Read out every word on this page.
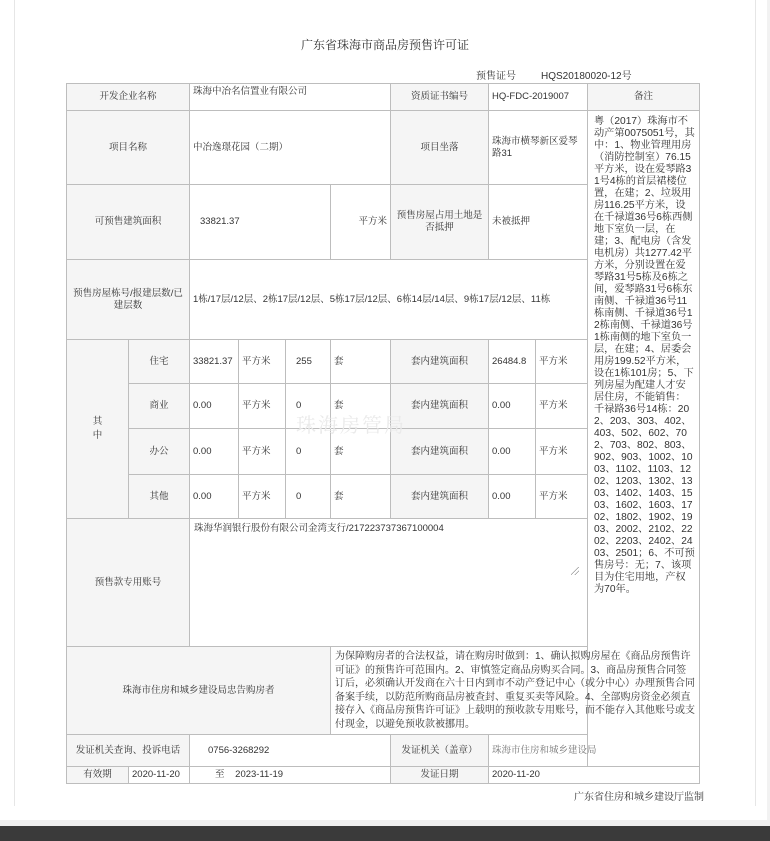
广东省珠海市商品房预售许可证
预售证号	HQS20180020-12号
开发企业名称		珠海中冶名信置业有限公司				资质证书编号	HQ-FDC-2019007		备注
项目名称		中冶逸璟花园（二期）				项目坐落	珠海市横琴新区爱琴路31		粤（2017）珠海市不动产第0075051号，其中：1、物业管理用房（消防控制室）76.15平方米，设在爱琴路31号4栋的首层裙楼位置，在建；2、垃圾用房116.25平方米，设在千禄道36号6栋西侧地下室负一层，在建；3、配电房（含发电机房）共1277.42平方米，分别设置在爱琴路31号5栋及6栋之间，爱琴路31号6栋东南侧、千禄道36号11栋南侧、千禄道36号12栋南侧、千禄道36号1栋南侧的地下室负一层，在建；4、居委会用房199.52平方米，设在1栋101房；5、下列房屋为配建人才安居住房，不能销售：千禄路36号14栋：202、203、303、402、403、502、602、702、703、802、803、902、903、1002、1003、1102、1103、1202、1203、1302、1303、1402、1403、1503、1602、1603、1702、1802、1902、1903、2002、2102、2202、2203、2402、2403、2501；6、不可预售房号：无；7、该项目为住宅用地，产权为70年。
可预售建筑面积		33821.37			平方米	预售房屋占用土地是否抵押	未被抵押		
预售房屋栋号/报建层数/已建层数		1栋/17层/12层、2栋17层/12层、5栋17层/12层、6栋14层/14层、9栋17层/12层、11栋							
其中	住宅	33821.37	平方米	255	套	套内建筑面积	26484.8	平方米	
	商业	0.00	平方米	0	套	套内建筑面积	0.00	平方米	
	办公	0.00	平方米	0	套	套内建筑面积	0.00	平方米	
	其他	0.00	平方米	0	套	套内建筑面积	0.00	平方米	
预售款专用账号		珠海华润银行股份有限公司金湾支行/217223737367100004							

珠海市住房和城乡建设局忠告购房者					为保障购房者的合法权益，请在购房时做到：1、确认拟购房屋在《商品房预售许可证》的预售许可范围内。2、审慎签定商品房购买合同。3、商品房预售合同签订后，必须确认开发商在六十日内到市不动产登记中心（或分中心）办理预售合同备案手续，以防范所购商品房被查封、重复买卖等风险。4、全部购房资金必须直接存入《商品房预售许可证》上载明的预收款专用账号，而不能存入其他账号或支付现金，以避免预收款被挪用。				
发证机关查询、投诉电话		0756-3268292				发证机关（盖章）	珠海市住房和城乡建设局		
有效期	2020-11-20	至 2023-11-19				发证日期	2020-11-20		
珠海房管局
广东省住房和城乡建设厅监制
